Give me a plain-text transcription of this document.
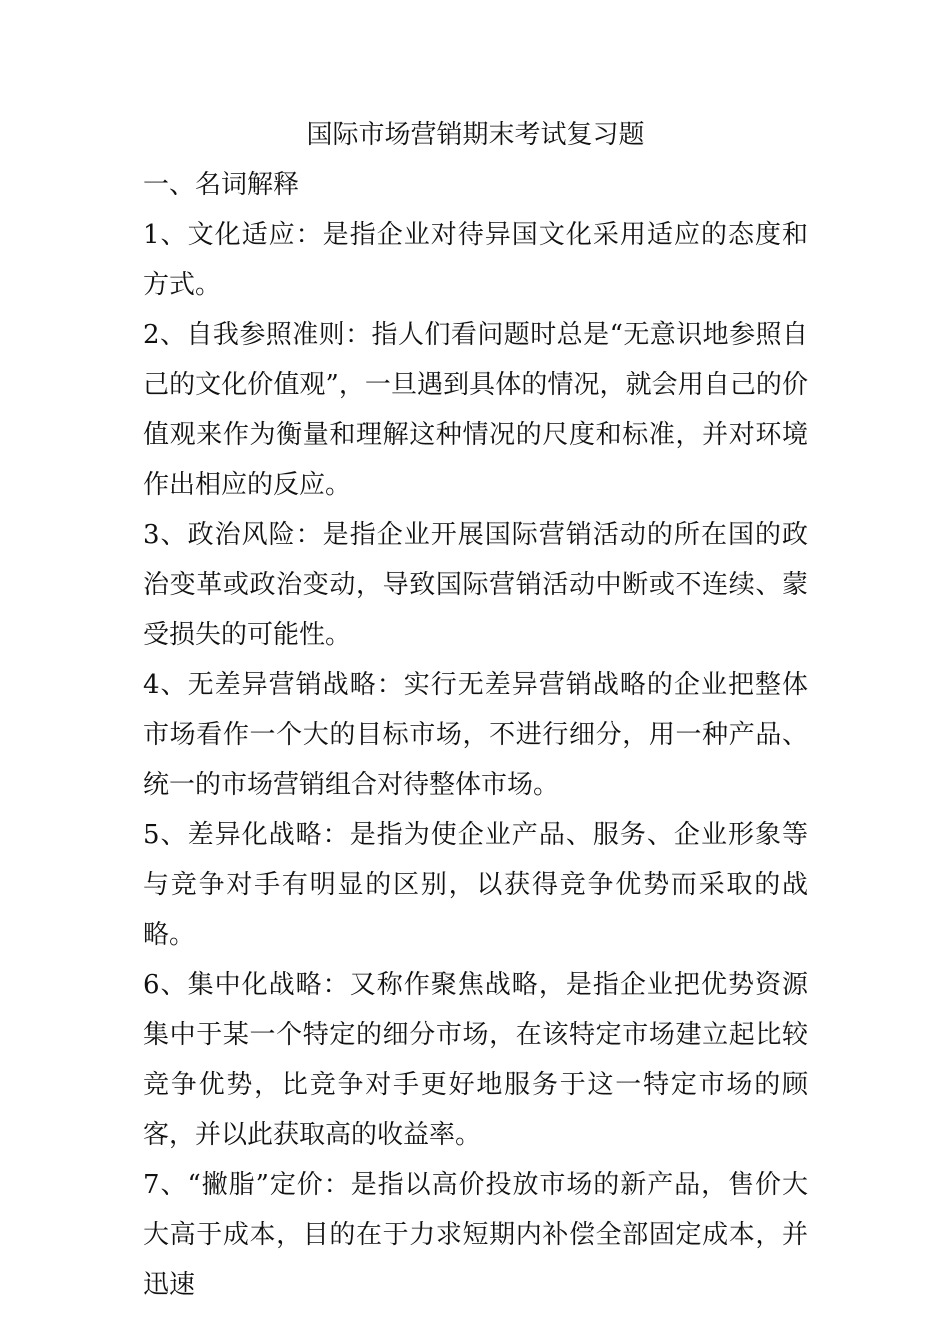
国际市场营销期末考试复习题
一、名词解释

1、文化适应：是指企业对待异国文化采用适应的态度和方式。

2、自我参照准则：指人们看问题时总是“无意识地参照自己的文化价值观”，一旦遇到具体的情况，就会用自己的价值观来作为衡量和理解这种情况的尺度和标准，并对环境作出相应的反应。

3、政治风险：是指企业开展国际营销活动的所在国的政治变革或政治变动，导致国际营销活动中断或不连续、蒙受损失的可能性。

4、无差异营销战略：实行无差异营销战略的企业把整体市场看作一个大的目标市场，不进行细分，用一种产品、统一的市场营销组合对待整体市场。

5、差异化战略：是指为使企业产品、服务、企业形象等与竞争对手有明显的区别，以获得竞争优势而采取的战略。

6、集中化战略：又称作聚焦战略，是指企业把优势资源集中于某一个特定的细分市场，在该特定市场建立起比较竞争优势，比竞争对手更好地服务于这一特定市场的顾客，并以此获取高的收益率。

7、“撇脂”定价：是指以高价投放市场的新产品，售价大大高于成本，目的在于力求短期内补偿全部固定成本，并迅速
